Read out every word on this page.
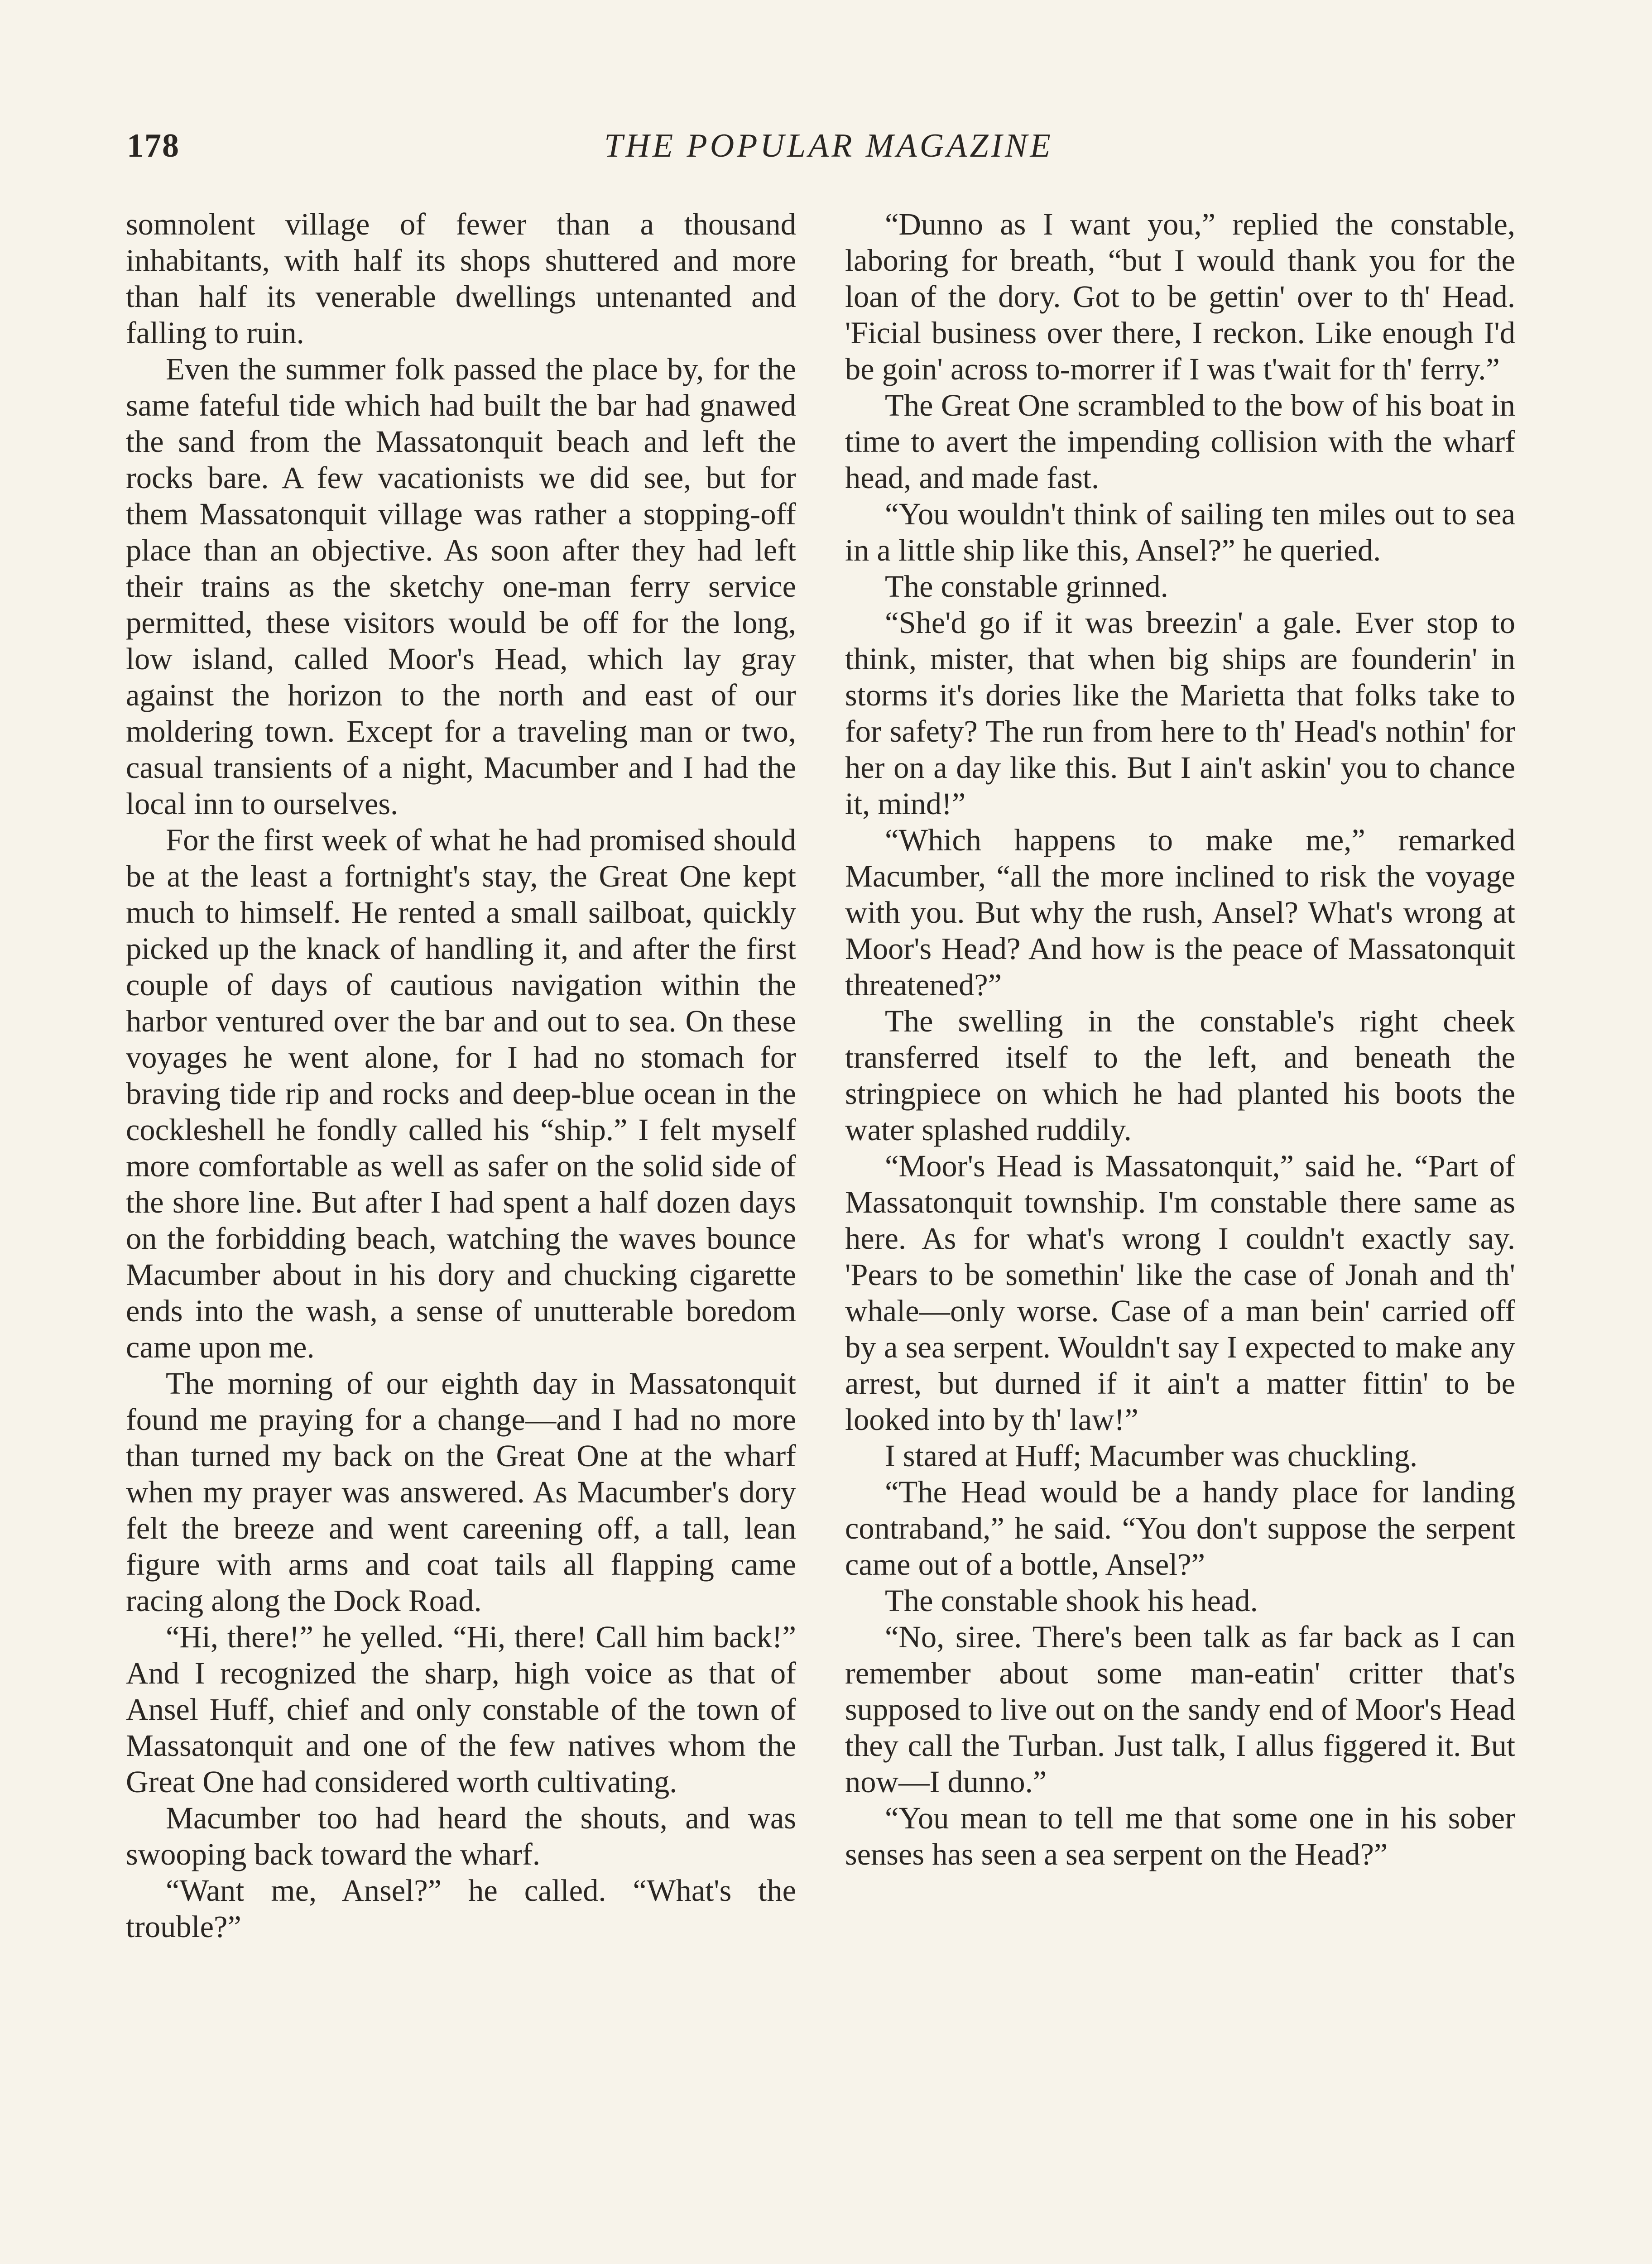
178	THE POPULAR MAGAZINE

somnolent village of fewer than a thousand inhabitants, with half its shops shuttered and more than half its venerable dwellings untenanted and falling to ruin.

Even the summer folk passed the place by, for the same fateful tide which had built the bar had gnawed the sand from the Massatonquit beach and left the rocks bare. A few vacationists we did see, but for them Massatonquit village was rather a stopping-off place than an objective. As soon after they had left their trains as the sketchy one-man ferry service permitted, these visitors would be off for the long, low island, called Moor's Head, which lay gray against the horizon to the north and east of our moldering town. Except for a traveling man or two, casual transients of a night, Macumber and I had the local inn to ourselves.

For the first week of what he had promised should be at the least a fortnight's stay, the Great One kept much to himself. He rented a small sailboat, quickly picked up the knack of handling it, and after the first couple of days of cautious navigation within the harbor ventured over the bar and out to sea. On these voyages he went alone, for I had no stomach for braving tide rip and rocks and deep-blue ocean in the cockleshell he fondly called his “ship.” I felt myself more comfortable as well as safer on the solid side of the shore line. But after I had spent a half dozen days on the forbidding beach, watching the waves bounce Macumber about in his dory and chucking cigarette ends into the wash, a sense of unutterable boredom came upon me.

The morning of our eighth day in Massatonquit found me praying for a change—and I had no more than turned my back on the Great One at the wharf when my prayer was answered. As Macumber's dory felt the breeze and went careening off, a tall, lean figure with arms and coat tails all flapping came racing along the Dock Road.

“Hi, there!” he yelled. “Hi, there! Call him back!” And I recognized the sharp, high voice as that of Ansel Huff, chief and only constable of the town of Massatonquit and one of the few natives whom the Great One had considered worth cultivating.

Macumber too had heard the shouts, and was swooping back toward the wharf.

“Want me, Ansel?” he called. “What's the trouble?”

“Dunno as I want you,” replied the constable, laboring for breath, “but I would thank you for the loan of the dory. Got to be gettin' over to th' Head. 'Ficial business over there, I reckon. Like enough I'd be goin' across to-morrer if I was t'wait for th' ferry.”

The Great One scrambled to the bow of his boat in time to avert the impending collision with the wharf head, and made fast.

“You wouldn't think of sailing ten miles out to sea in a little ship like this, Ansel?” he queried.

The constable grinned.

“She'd go if it was breezin' a gale. Ever stop to think, mister, that when big ships are founderin' in storms it's dories like the Marietta that folks take to for safety? The run from here to th' Head's nothin' for her on a day like this. But I ain't askin' you to chance it, mind!”

“Which happens to make me,” remarked Macumber, “all the more inclined to risk the voyage with you. But why the rush, Ansel? What's wrong at Moor's Head? And how is the peace of Massatonquit threatened?”

The swelling in the constable's right cheek transferred itself to the left, and beneath the stringpiece on which he had planted his boots the water splashed ruddily.

“Moor's Head is Massatonquit,” said he. “Part of Massatonquit township. I'm constable there same as here. As for what's wrong I couldn't exactly say. 'Pears to be somethin' like the case of Jonah and th' whale—only worse. Case of a man bein' carried off by a sea serpent. Wouldn't say I expected to make any arrest, but durned if it ain't a matter fittin' to be looked into by th' law!”

I stared at Huff; Macumber was chuckling.

“The Head would be a handy place for landing contraband,” he said. “You don't suppose the serpent came out of a bottle, Ansel?”

The constable shook his head.

“No, siree. There's been talk as far back as I can remember about some man-eatin' critter that's supposed to live out on the sandy end of Moor's Head they call the Turban. Just talk, I allus figgered it. But now—I dunno.”

“You mean to tell me that some one in his sober senses has seen a sea serpent on the Head?”
